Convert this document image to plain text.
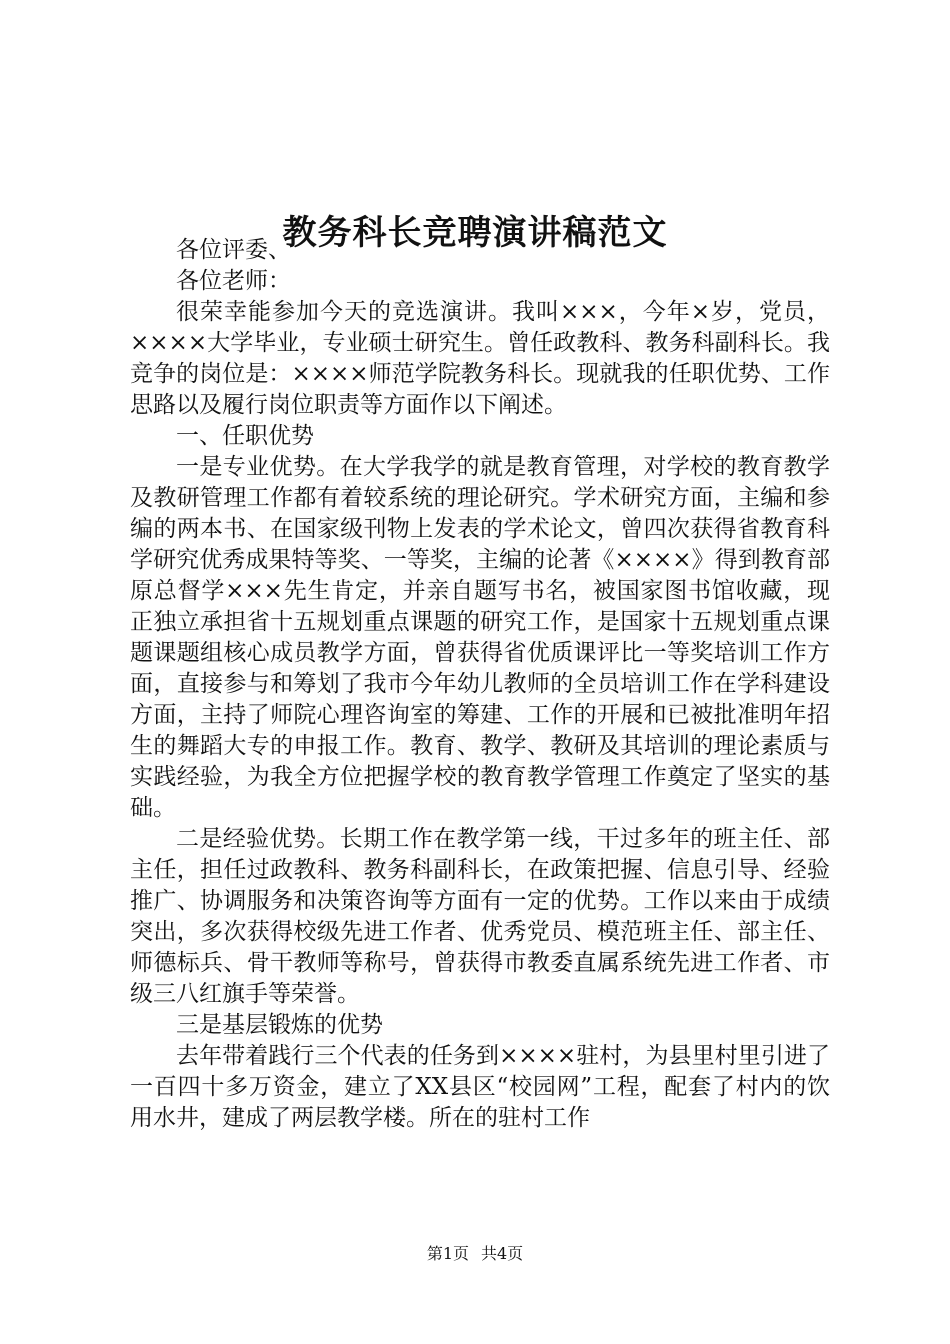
教务科长竞聘演讲稿范文

各位评委、

各位老师：

很荣幸能参加今天的竞选演讲。我叫×××，今年×岁，党员，××××大学毕业，专业硕士研究生。曾任政教科、教务科副科长。我竞争的岗位是：××××师范学院教务科长。现就我的任职优势、工作思路以及履行岗位职责等方面作以下阐述。

一、任职优势

一是专业优势。在大学我学的就是教育管理，对学校的教育教学及教研管理工作都有着较系统的理论研究。学术研究方面，主编和参编的两本书、在国家级刊物上发表的学术论文，曾四次获得省教育科学研究优秀成果特等奖、一等奖，主编的论著《××××》得到教育部原总督学×××先生肯定，并亲自题写书名，被国家图书馆收藏，现正独立承担省十五规划重点课题的研究工作，是国家十五规划重点课题课题组核心成员教学方面，曾获得省优质课评比一等奖培训工作方面，直接参与和筹划了我市今年幼儿教师的全员培训工作在学科建设方面，主持了师院心理咨询室的筹建、工作的开展和已被批准明年招生的舞蹈大专的申报工作。教育、教学、教研及其培训的理论素质与实践经验，为我全方位把握学校的教育教学管理工作奠定了坚实的基础。

二是经验优势。长期工作在教学第一线，干过多年的班主任、部主任，担任过政教科、教务科副科长，在政策把握、信息引导、经验推广、协调服务和决策咨询等方面有一定的优势。工作以来由于成绩突出，多次获得校级先进工作者、优秀党员、模范班主任、部主任、师德标兵、骨干教师等称号，曾获得市教委直属系统先进工作者、市级三八红旗手等荣誉。

三是基层锻炼的优势

去年带着践行三个代表的任务到××××驻村，为县里村里引进了一百四十多万资金，建立了XX县区“校园网”工程，配套了村内的饮用水井，建成了两层教学楼。所在的驻村工作

第1页 共4页
